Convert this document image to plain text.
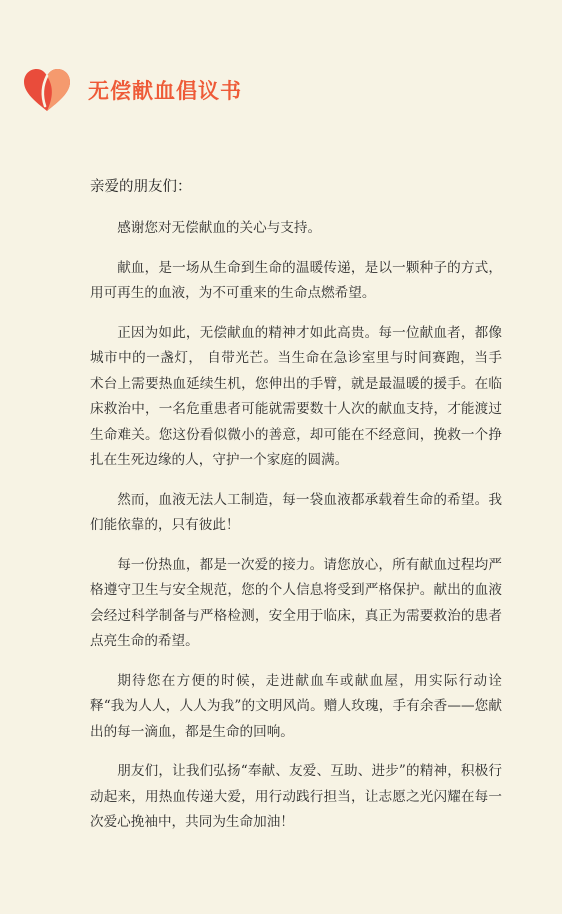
无偿献血倡议书

亲爱的朋友们：

感谢您对无偿献血的关心与支持。

献血，是一场从生命到生命的温暖传递，是以一颗种子的方式，用可再生的血液，为不可重来的生命点燃希望。

正因为如此，无偿献血的精神才如此高贵。每一位献血者，都像城市中的一盏灯， 自带光芒。当生命在急诊室里与时间赛跑，当手术台上需要热血延续生机，您伸出的手臂，就是最温暖的援手。在临床救治中，一名危重患者可能就需要数十人次的献血支持，才能渡过生命难关。您这份看似微小的善意，却可能在不经意间，挽救一个挣扎在生死边缘的人，守护一个家庭的圆满。

然而，血液无法人工制造，每一袋血液都承载着生命的希望。我们能依靠的，只有彼此！

每一份热血，都是一次爱的接力。请您放心，所有献血过程均严格遵守卫生与安全规范，您的个人信息将受到严格保护。献出的血液会经过科学制备与严格检测，安全用于临床，真正为需要救治的患者点亮生命的希望。

期待您在方便的时候，走进献血车或献血屋，用实际行动诠释“我为人人，人人为我”的文明风尚。赠人玫瑰，手有余香——您献出的每一滴血，都是生命的回响。

朋友们，让我们弘扬“奉献、友爱、互助、进步”的精神，积极行动起来，用热血传递大爱，用行动践行担当，让志愿之光闪耀在每一次爱心挽袖中，共同为生命加油！
